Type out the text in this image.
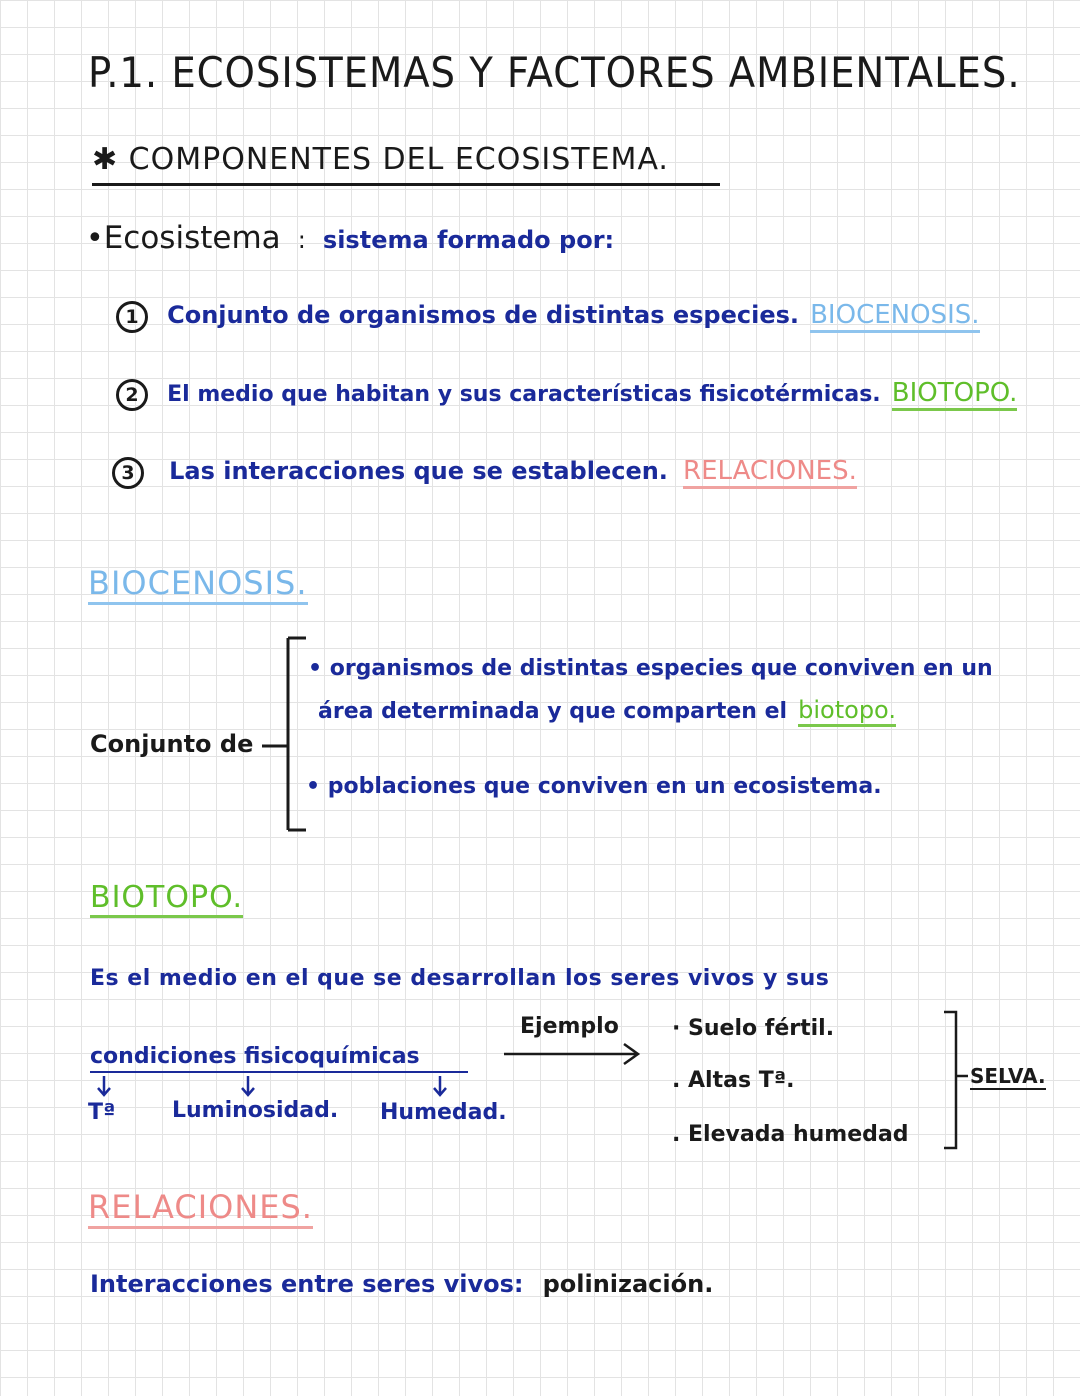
P.1. ECOSISTEMAS Y FACTORES AMBIENTALES.
✱ COMPONENTES DEL ECOSISTEMA.
•Ecosistema : sistema formado por:
1 Conjunto de organismos de distintas especies. BIOCENOSIS.
2 El medio que habitan y sus características fisicotérmicas. BIOTOPO.
3 Las interacciones que se establecen. RELACIONES.
BIOCENOSIS.
Conjunto de
• organismos de distintas especies que conviven en un
área determinada y que comparten el biotopo.
• poblaciones que conviven en un ecosistema.
BIOTOPO.
Es el medio en el que se desarrollan los seres vivos y sus
condiciones fisicoquímicas
Tª	Luminosidad. Humedad.
Ejemplo · Suelo fértil.
. Altas Tª.
. Elevada humedad
SELVA.
RELACIONES.
Interacciones entre seres vivos: polinización.
